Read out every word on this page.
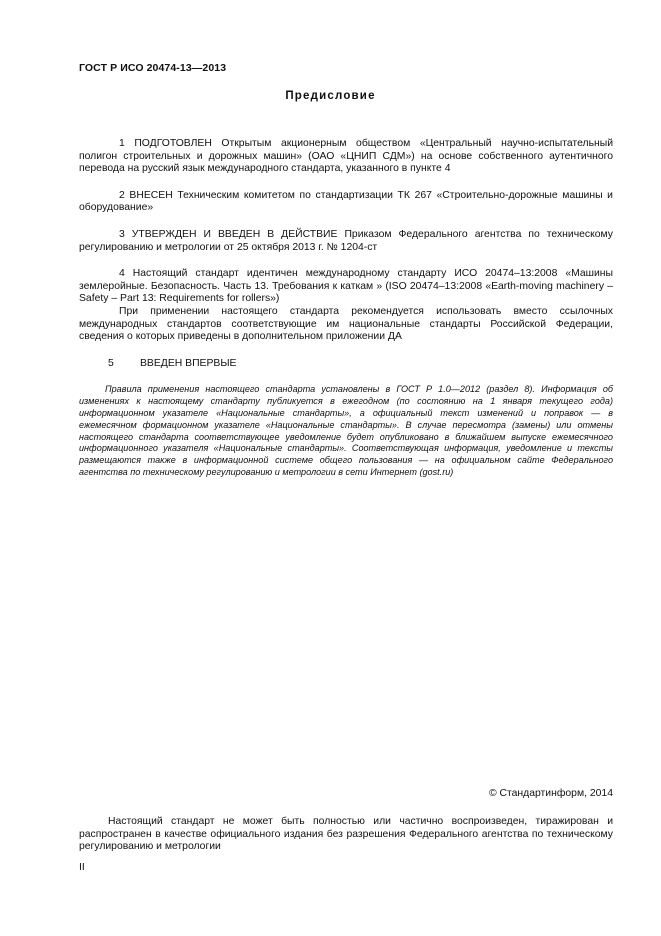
ГОСТ Р ИСО 20474-13—2013
Предисловие

1 ПОДГОТОВЛЕН Открытым акционерным обществом «Центральный научно-испытательный полигон строительных и дорожных машин» (ОАО «ЦНИП СДМ») на основе собственного аутентичного перевода на русский язык международного стандарта, указанного в пункте 4

2 ВНЕСЕН Техническим комитетом по стандартизации ТК 267 «Строительно-дорожные машины и оборудование»

3 УТВЕРЖДЕН И ВВЕДЕН В ДЕЙСТВИЕ Приказом Федерального агентства по техническому регулированию и метрологии от 25 октября 2013 г. № 1204-ст

4 Настоящий стандарт идентичен международному стандарту ИСО 20474–13:2008 «Машины землеройные. Безопасность. Часть 13. Требования к каткам » (ISO 20474–13:2008 «Earth-moving machinery – Safety – Part 13: Requirements for rollers»)

При применении настоящего стандарта рекомендуется использовать вместо ссылочных международных стандартов соответствующие им национальные стандарты Российской Федерации, сведения о которых приведены в дополнительном приложении ДА

5	ВВЕДЕН ВПЕРВЫЕ

Правила применения настоящего стандарта установлены в ГОСТ Р 1.0—2012 (раздел 8). Информация об изменениях к настоящему стандарту публикуется в ежегодном (по состоянию на 1 января текущего года) информационном указателе «Национальные стандарты», а официальный текст изменений и поправок — в ежемесячном формационном указателе «Национальные стандарты». В случае пересмотра (замены) или отмены настоящего стандарта соответствующее уведомление будет опубликовано в ближайшем выпуске ежемесячного информационного указателя «Национальные стандарты». Соответствующая информация, уведомление и тексты размещаются также в информационной системе общего пользования — на официальном сайте Федерального агентства по техническому регулированию и метрологии в сети Интернет (gost.ru)

© Стандартинформ, 2014

Настоящий стандарт не может быть полностью или частично воспроизведен, тиражирован и распространен в качестве официального издания без разрешения Федерального агентства по техническому регулированию и метрологии

II
